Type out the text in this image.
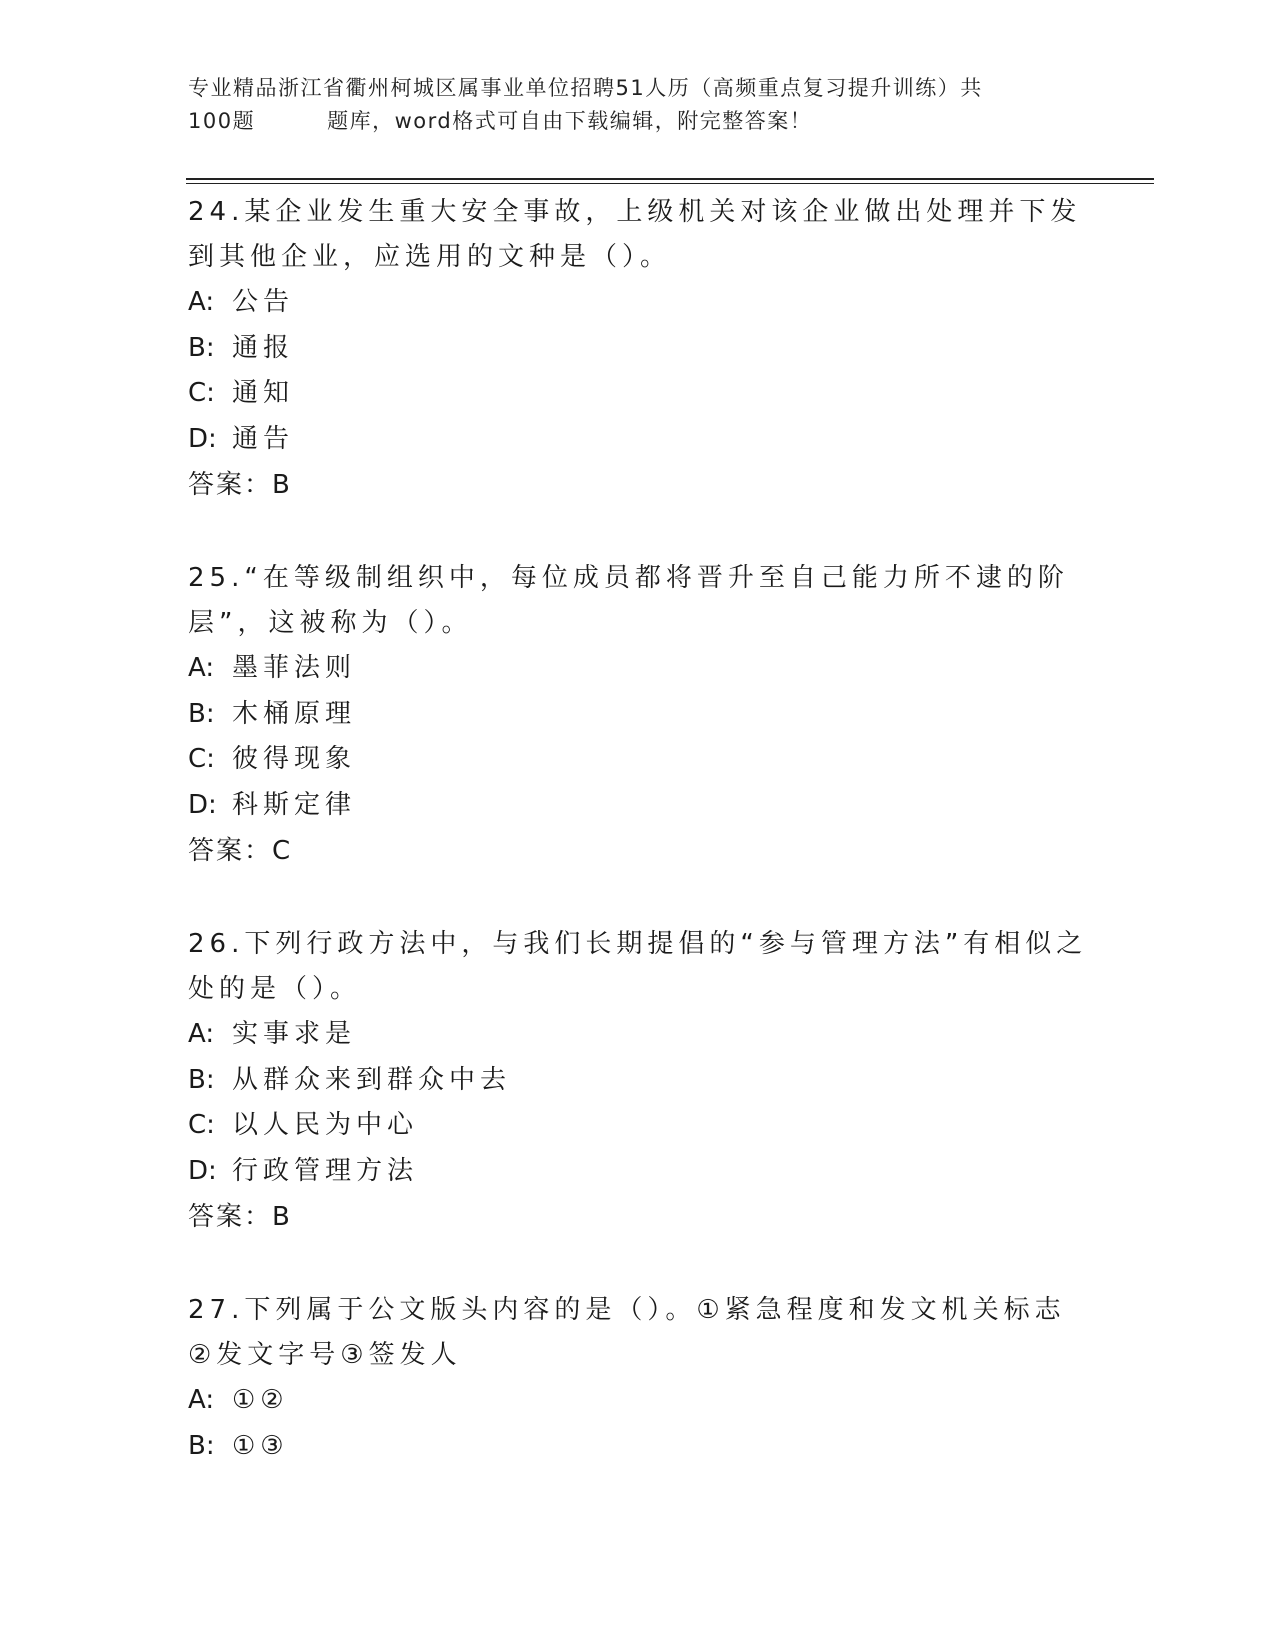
专业精品浙江省衢州柯城区属事业单位招聘51人历（高频重点复习提升训练）共
100题	题库，word格式可自由下载编辑，附完整答案！
24.某企业发生重大安全事故，上级机关对该企业做出处理并下发到其他企业，应选用的文种是（）。
A: 公告
B: 通报
C: 通知
D: 通告
答案：B
25.“在等级制组织中，每位成员都将晋升至自己能力所不逮的阶层”，这被称为（）。
A: 墨菲法则
B: 木桶原理
C: 彼得现象
D: 科斯定律
答案：C
26.下列行政方法中，与我们长期提倡的“参与管理方法”有相似之处的是（）。
A: 实事求是
B: 从群众来到群众中去
C: 以人民为中心
D: 行政管理方法
答案：B
27.下列属于公文版头内容的是（）。①紧急程度和发文机关标志②发文字号③签发人
A: ①②
B: ①③
